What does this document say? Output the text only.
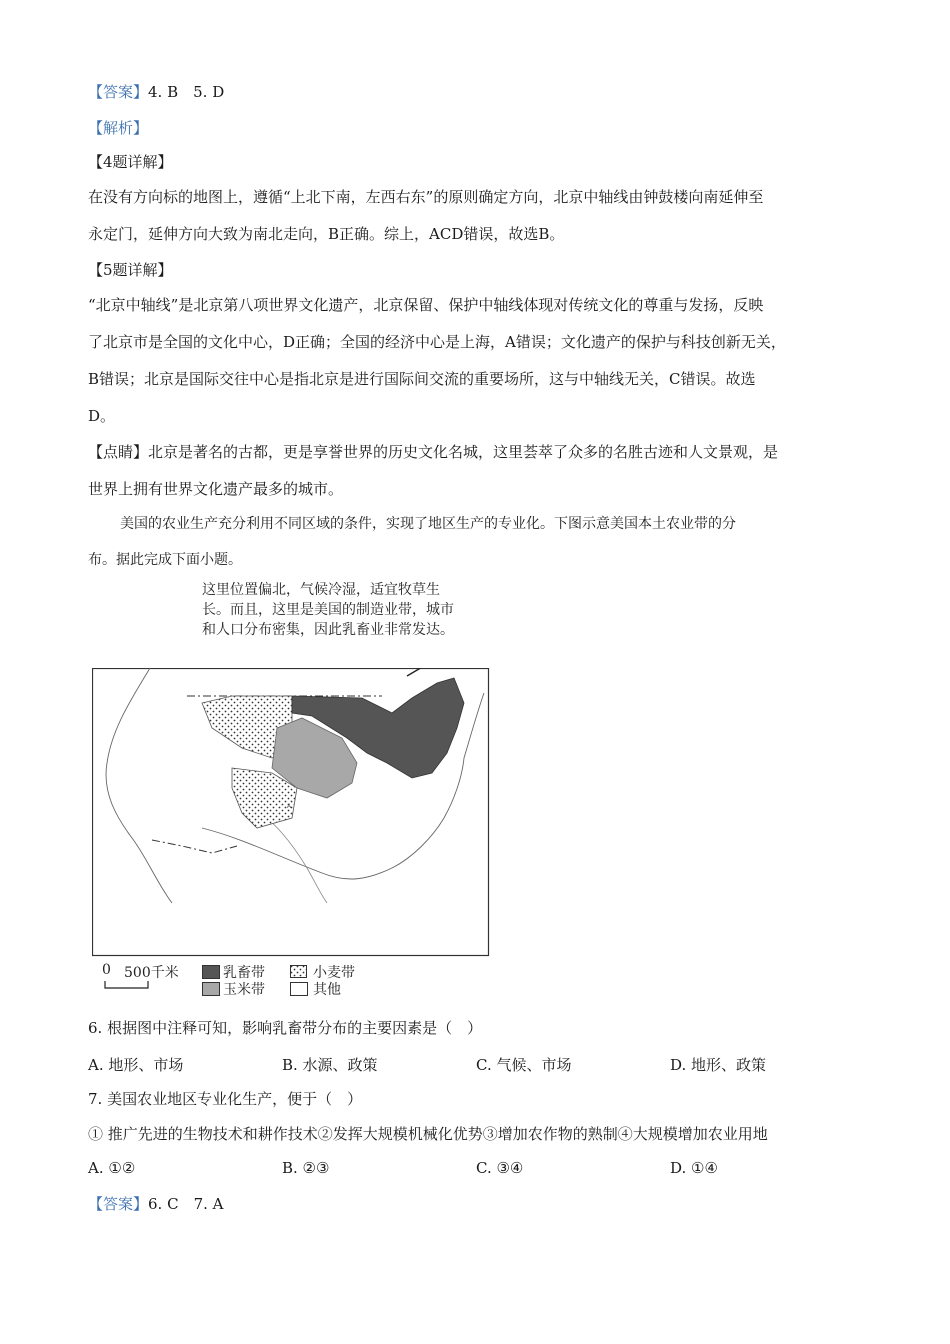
【答案】4. B　5. D
【解析】
【4题详解】
在没有方向标的地图上，遵循“上北下南，左西右东”的原则确定方向，北京中轴线由钟鼓楼向南延伸至
永定门，延伸方向大致为南北走向，B正确。综上，ACD错误，故选B。
【5题详解】
“北京中轴线”是北京第八项世界文化遗产，北京保留、保护中轴线体现对传统文化的尊重与发扬，反映
了北京市是全国的文化中心，D正确；全国的经济中心是上海，A错误；文化遗产的保护与科技创新无关，
B错误；北京是国际交往中心是指北京是进行国际间交流的重要场所，这与中轴线无关，C错误。故选
D。
【点睛】北京是著名的古都，更是享誉世界的历史文化名城，这里荟萃了众多的名胜古迹和人文景观，是
世界上拥有世界文化遗产最多的城市。
美国的农业生产充分利用不同区域的条件，实现了地区生产的专业化。下图示意美国本土农业带的分
布。据此完成下面小题。
这里位置偏北，气候冷湿，适宜牧草生
长。而且，这里是美国的制造业带，城市
和人口分布密集，因此乳畜业非常发达。
A
0 500千米	乳畜带	小麦带
玉米带	其他
6. 根据图中注释可知，影响乳畜带分布的主要因素是（　）
A. 地形、市场	B. 水源、政策	C. 气候、市场	D. 地形、政策
7. 美国农业地区专业化生产，便于（　）
① 推广先进的生物技术和耕作技术②发挥大规模机械化优势③增加农作物的熟制④大规模增加农业用地
A. ①②	B. ②③	C. ③④	D. ①④
【答案】6. C　7. A
